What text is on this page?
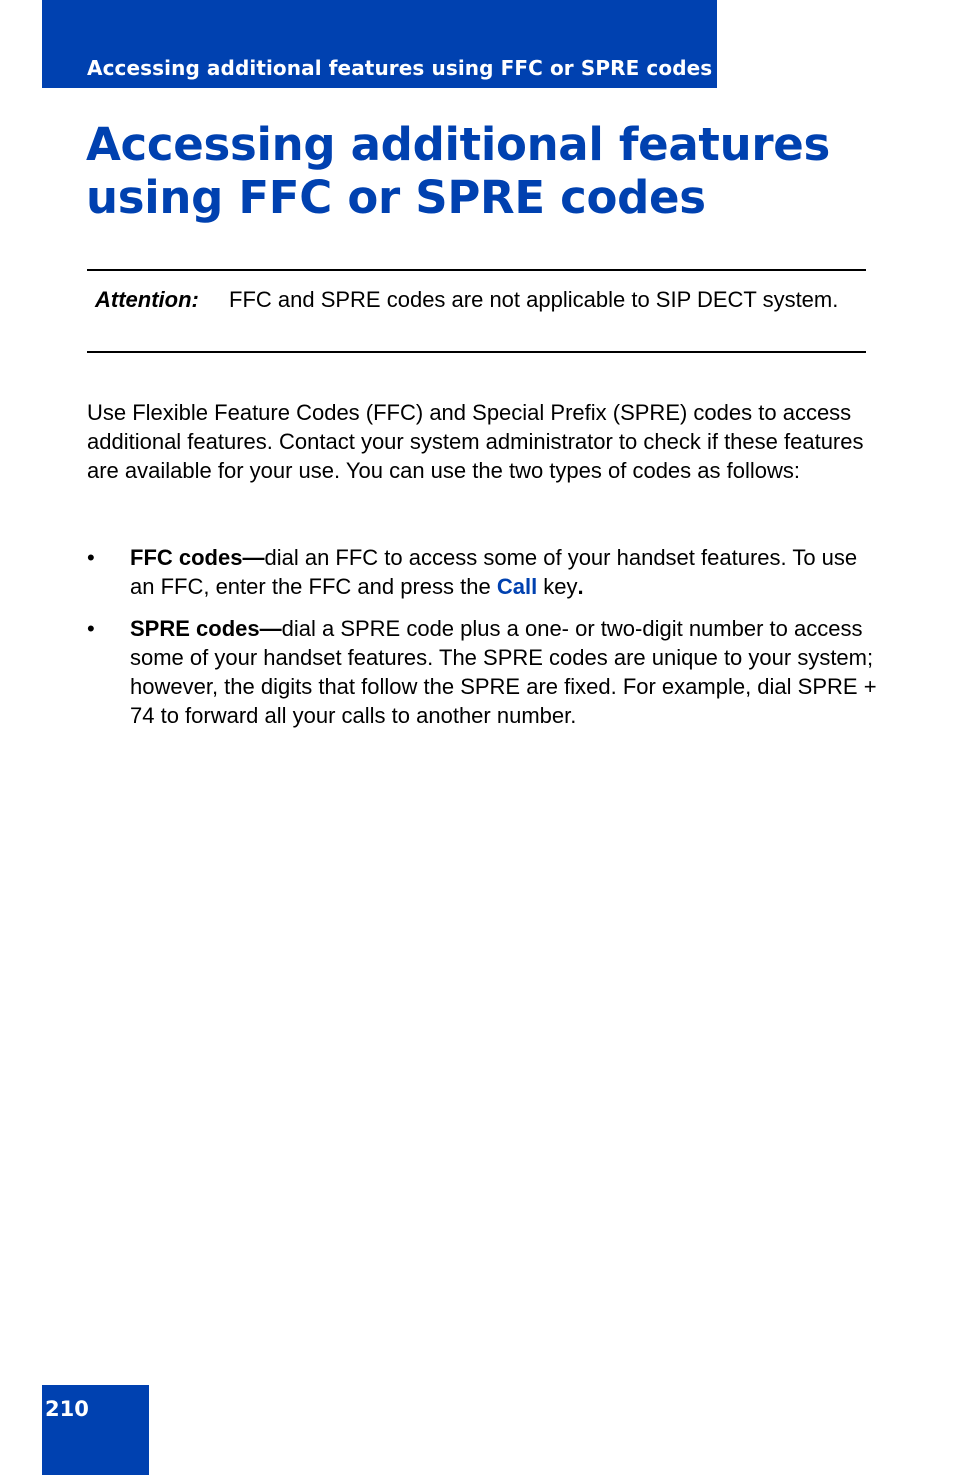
Accessing additional features using FFC or SPRE codes
Accessing additional features
using FFC or SPRE codes
Attention: FFC and SPRE codes are not applicable to SIP DECT system.

Use Flexible Feature Codes (FFC) and Special Prefix (SPRE) codes to access additional features. Contact your system administrator to check if these features are available for your use. You can use the two types of codes as follows:

• FFC codes—dial an FFC to access some of your handset features. To use an FFC, enter the FFC and press the Call key.
• SPRE codes—dial a SPRE code plus a one- or two-digit number to access some of your handset features. The SPRE codes are unique to your system; however, the digits that follow the SPRE are fixed. For example, dial SPRE + 74 to forward all your calls to another number.
210
